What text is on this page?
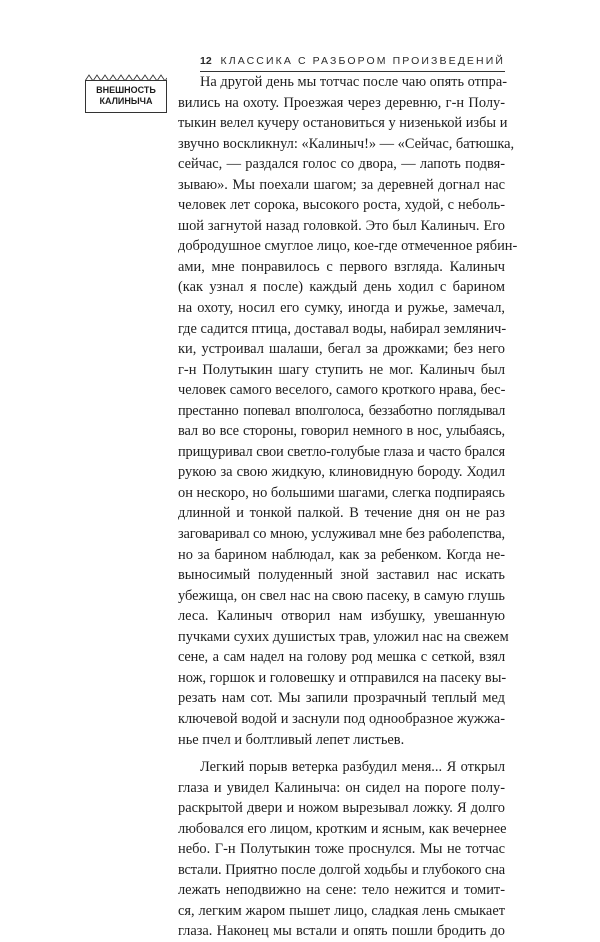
12 КЛАССИКА С РАЗБОРОМ ПРОИЗВЕДЕНИЙ
ВНЕШНОСТЬ
КАЛИНЫЧА
На другой день мы тотчас после чаю опять отпра-
вились на охоту. Проезжая через деревню, г-н Полу-
тыкин велел кучеру остановиться у низенькой избы и
звучно воскликнул: «Калиныч!» — «Сейчас, батюшка,
сейчас, — раздался голос со двора, — лапоть подвя-
зываю». Мы поехали шагом; за деревней догнал нас
человек лет сорока, высокого роста, худой, с неболь-
шой загнутой назад головкой. Это был Калиныч. Его
добродушное смуглое лицо, кое-где отмеченное рябин-
ами, мне понравилось с первого взгляда. Калиныч
(как узнал я после) каждый день ходил с барином
на охоту, носил его сумку, иногда и ружье, замечал,
где садится птица, доставал воды, набирал землянич-
ки, устроивал шалаши, бегал за дрожками; без него
г-н Полутыкин шагу ступить не мог. Калиныч был
человек самого веселого, самого кроткого нрава, бес-
престанно попевал вполголоса, беззаботно поглядывал
вал во все стороны, говорил немного в нос, улыбаясь,
прищуривал свои светло-голубые глаза и часто брался
рукою за свою жидкую, клиновидную бороду. Ходил
он нескоро, но большими шагами, слегка подпираясь
длинной и тонкой палкой. В течение дня он не раз
заговаривал со мною, услуживал мне без раболепства,
но за барином наблюдал, как за ребенком. Когда не-
выносимый полуденный зной заставил нас искать
убежища, он свел нас на свою пасеку, в самую глушь
леса. Калиныч отворил нам избушку, увешанную
пучками сухих душистых трав, уложил нас на свежем
сене, а сам надел на голову род мешка с сеткой, взял
нож, горшок и головешку и отправился на пасеку вы-
резать нам сот. Мы запили прозрачный теплый мед
ключевой водой и заснули под однообразное жужжа-
нье пчел и болтливый лепет листьев.
Легкий порыв ветерка разбудил меня... Я открыл
глаза и увидел Калиныча: он сидел на пороге полу-
раскрытой двери и ножом вырезывал ложку. Я долго
любовался его лицом, кротким и ясным, как вечернее
небо. Г-н Полутыкин тоже проснулся. Мы не тотчас
встали. Приятно после долгой ходьбы и глубокого сна
лежать неподвижно на сене: тело нежится и томит-
ся, легким жаром пышет лицо, сладкая лень смыкает
глаза. Наконец мы встали и опять пошли бродить до
